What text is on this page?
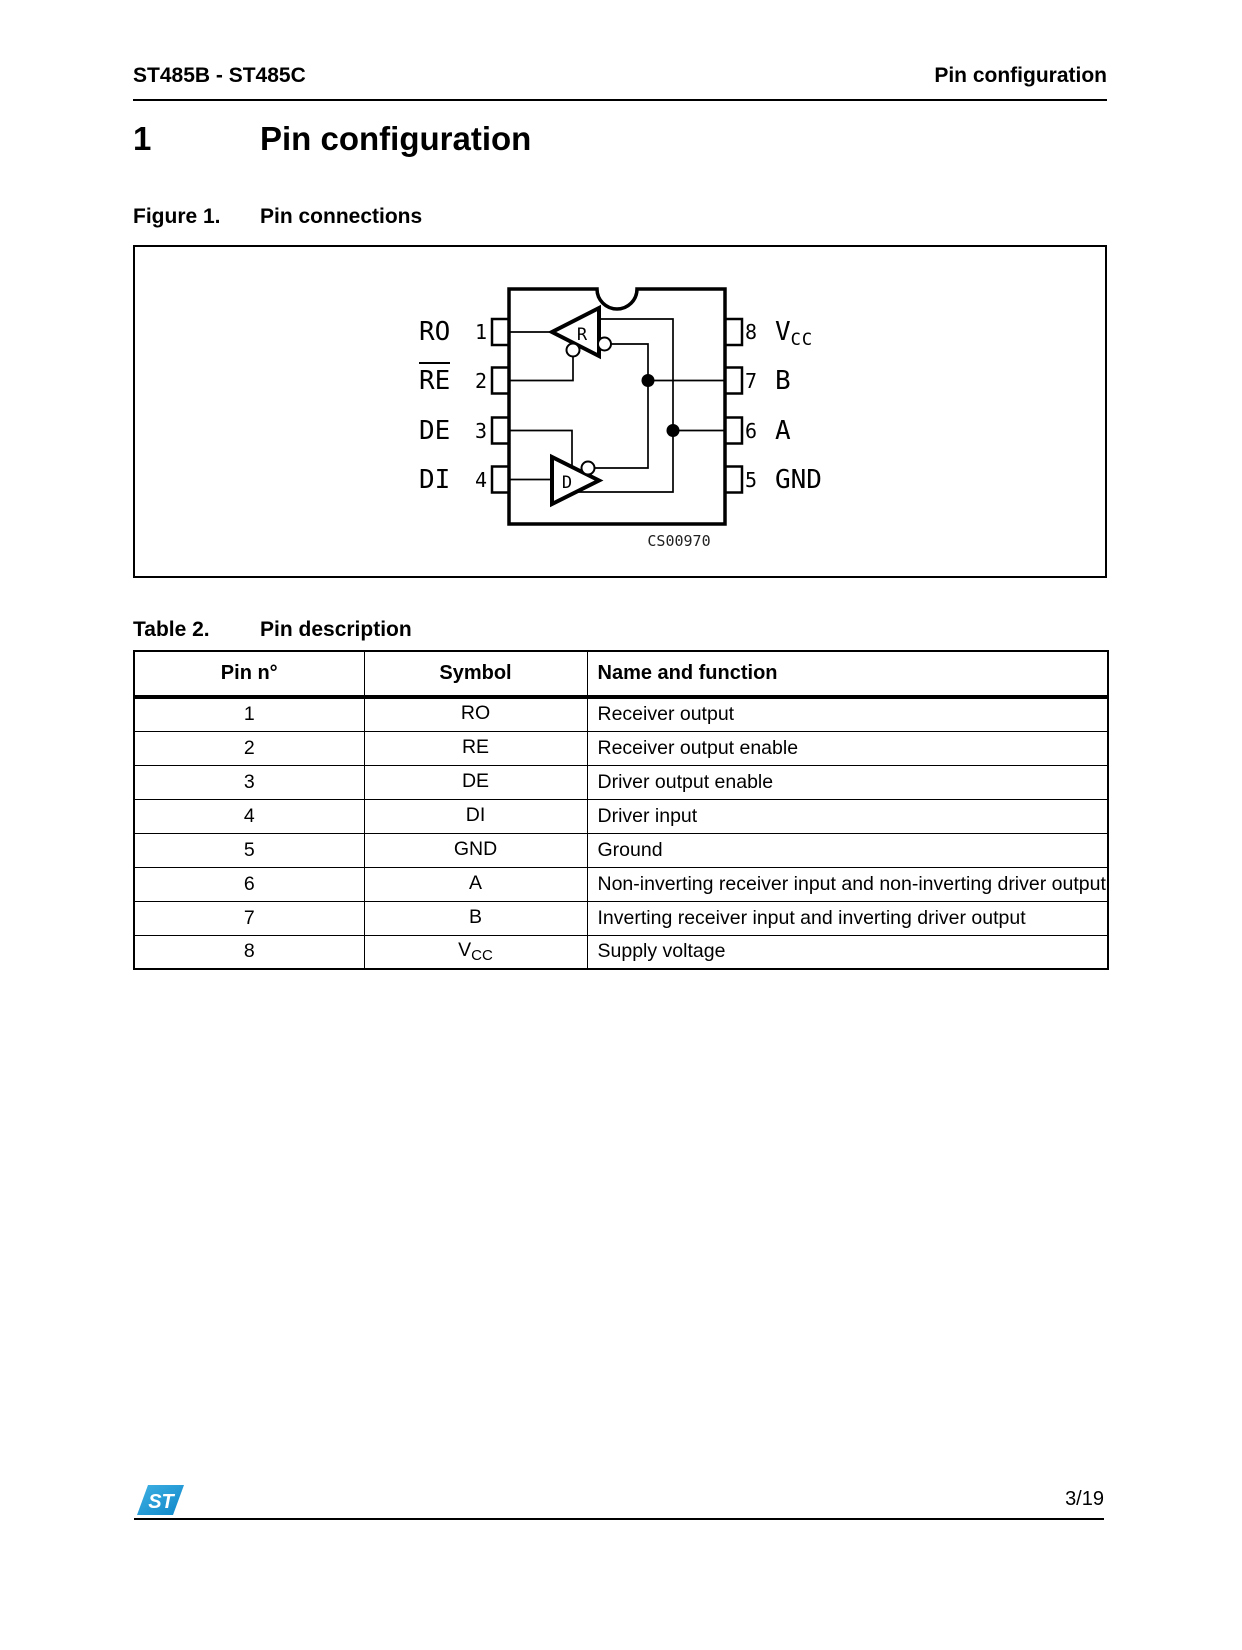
ST485B - ST485C	Pin configuration
1	Pin configuration
Figure 1. Pin connections
R
D
CS00970
1
RO
2
RE
3
DE
4
DI
8 VCC
7 B
6 A
5 GND
Table 2. Pin description
Pin n°	Symbol	Name and function
1	RO	Receiver output
2	RE	Receiver output enable
3	DE	Driver output enable
4	DI	Driver input
5	GND	Ground
6	A	Non-inverting receiver input and non-inverting driver output
7	B	Inverting receiver input and inverting driver output
8	$V_{CC}$	Supply voltage
ST	3/19
